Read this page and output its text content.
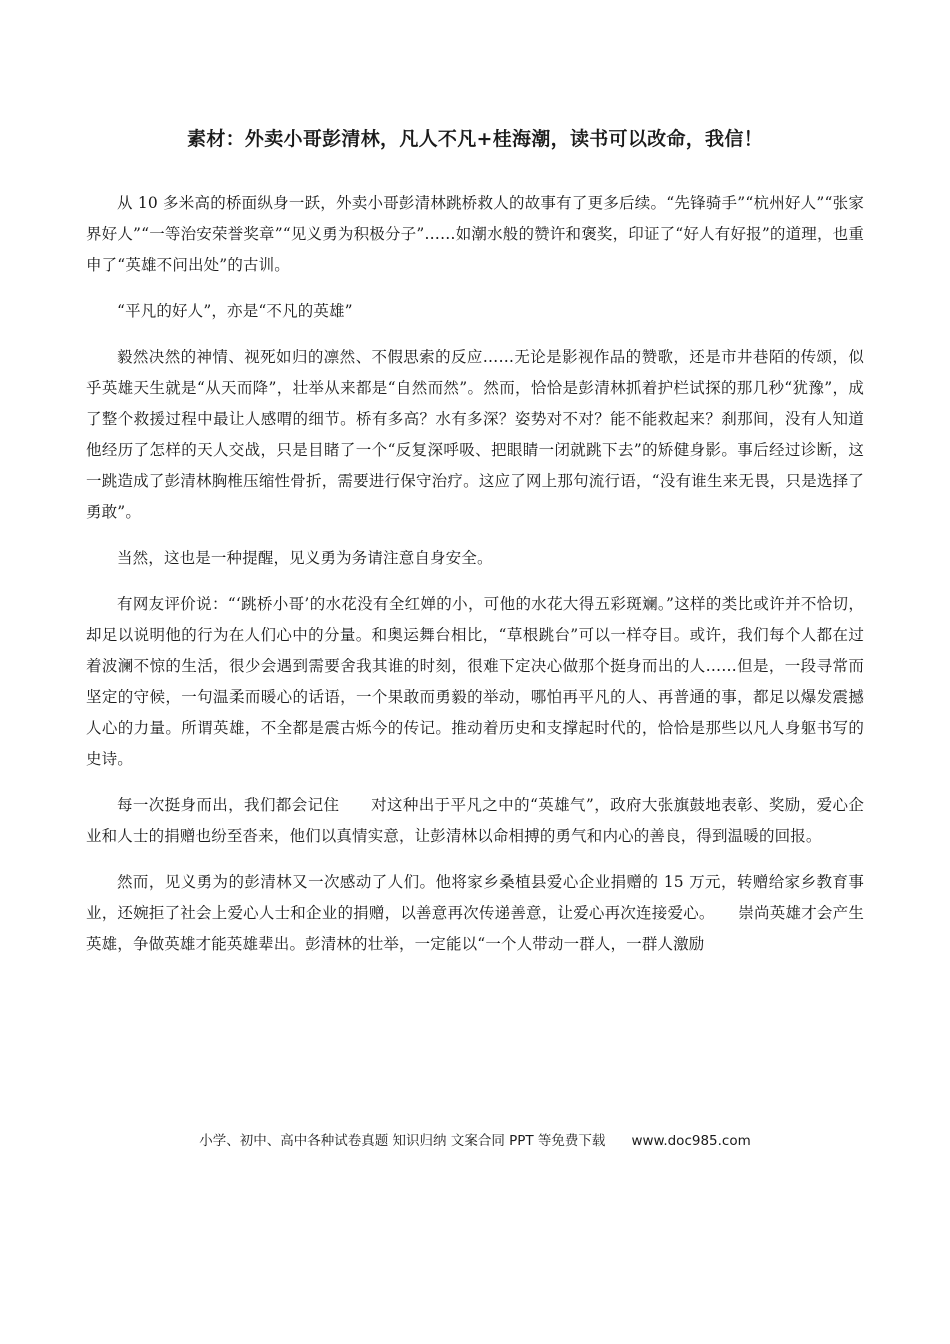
素材：外卖小哥彭清林，凡人不凡+桂海潮，读书可以改命，我信！

从 10 多米高的桥面纵身一跃，外卖小哥彭清林跳桥救人的故事有了更多后续。“先锋骑手”“杭州好人”“张家界好人”“一等治安荣誉奖章”“见义勇为积极分子”……如潮水般的赞许和褒奖，印证了“好人有好报”的道理，也重申了“英雄不问出处”的古训。

“平凡的好人”，亦是“不凡的英雄”

毅然决然的神情、视死如归的凛然、不假思索的反应……无论是影视作品的赞歌，还是市井巷陌的传颂，似乎英雄天生就是“从天而降”，壮举从来都是“自然而然”。然而，恰恰是彭清林抓着护栏试探的那几秒“犹豫”，成了整个救援过程中最让人感喟的细节。桥有多高？水有多深？姿势对不对？能不能救起来？刹那间，没有人知道他经历了怎样的天人交战，只是目睹了一个“反复深呼吸、把眼睛一闭就跳下去”的矫健身影。事后经过诊断，这一跳造成了彭清林胸椎压缩性骨折，需要进行保守治疗。这应了网上那句流行语，“没有谁生来无畏，只是选择了勇敢”。

当然，这也是一种提醒，见义勇为务请注意自身安全。

有网友评价说：“‘跳桥小哥’的水花没有全红婵的小，可他的水花大得五彩斑斓。”这样的类比或许并不恰切，却足以说明他的行为在人们心中的分量。和奥运舞台相比，“草根跳台”可以一样夺目。或许，我们每个人都在过着波澜不惊的生活，很少会遇到需要舍我其谁的时刻，很难下定决心做那个挺身而出的人……但是，一段寻常而坚定的守候，一句温柔而暖心的话语，一个果敢而勇毅的举动，哪怕再平凡的人、再普通的事，都足以爆发震撼人心的力量。所谓英雄，不全都是震古烁今的传记。推动着历史和支撑起时代的，恰恰是那些以凡人身躯书写的史诗。

每一次挺身而出，我们都会记住　　对这种出于平凡之中的“英雄气”，政府大张旗鼓地表彰、奖励，爱心企业和人士的捐赠也纷至沓来，他们以真情实意，让彭清林以命相搏的勇气和内心的善良，得到温暖的回报。

然而，见义勇为的彭清林又一次感动了人们。他将家乡桑植县爱心企业捐赠的 15 万元，转赠给家乡教育事业，还婉拒了社会上爱心人士和企业的捐赠，以善意再次传递善意，让爱心再次连接爱心。　　崇尚英雄才会产生英雄，争做英雄才能英雄辈出。彭清林的壮举，一定能以“一个人带动一群人，一群人激励

小学、初中、高中各种试卷真题 知识归纳 文案合同 PPT 等免费下载 www.doc985.com
